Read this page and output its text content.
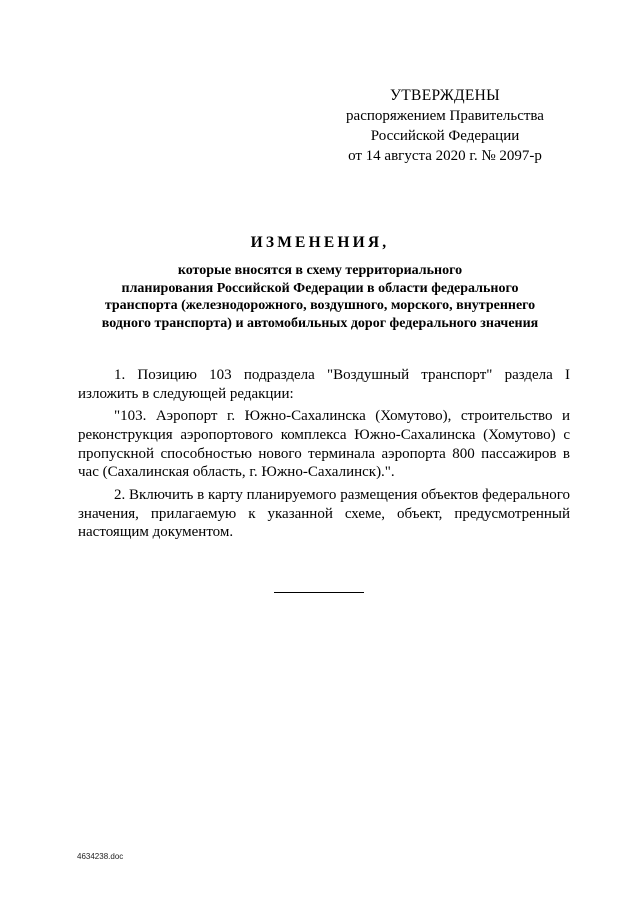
УТВЕРЖДЕНЫ
распоряжением Правительства
Российской Федерации
от 14 августа 2020 г. № 2097-р
ИЗМЕНЕНИЯ,
которые вносятся в схему территориального
планирования Российской Федерации в области федерального
транспорта (железнодорожного, воздушного, морского, внутреннего
водного транспорта) и автомобильных дорог федерального значения

1. Позицию 103 подраздела "Воздушный транспорт" раздела I изложить в следующей редакции:

"103. Аэропорт г. Южно-Сахалинска (Хомутово), строительство и реконструкция аэропортового комплекса Южно-Сахалинска (Хомутово) с пропускной способностью нового терминала аэропорта 800 пассажиров в час (Сахалинская область, г. Южно-Сахалинск).".

2. Включить в карту планируемого размещения объектов федерального значения, прилагаемую к указанной схеме, объект, предусмотренный настоящим документом.

4634238.doc
